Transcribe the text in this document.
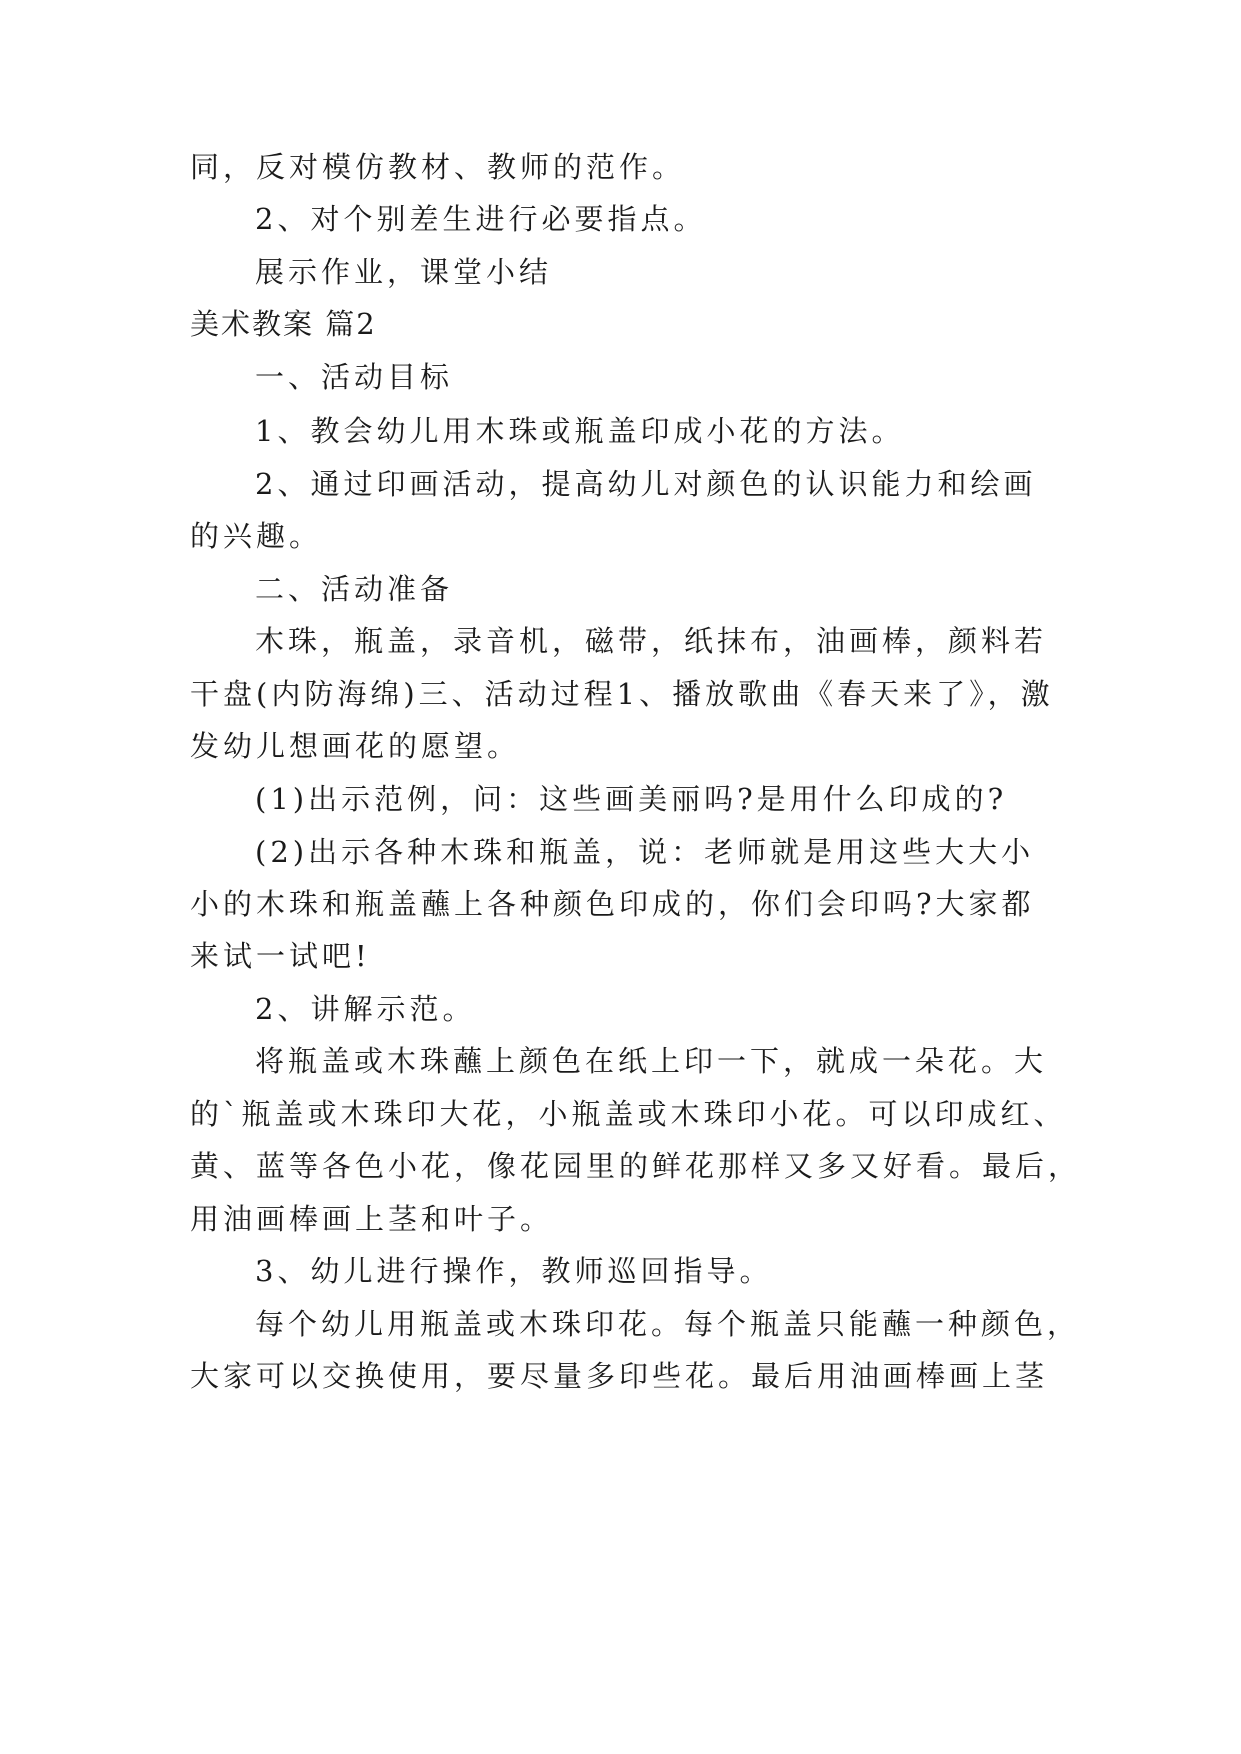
同，反对模仿教材、教师的范作。

2、对个别差生进行必要指点。

展示作业，课堂小结

美术教案 篇2

一、活动目标

1、教会幼儿用木珠或瓶盖印成小花的方法。

2、通过印画活动，提高幼儿对颜色的认识能力和绘画

的兴趣。

二、活动准备

木珠，瓶盖，录音机，磁带，纸抹布，油画棒，颜料若

干盘(内防海绵)三、活动过程1、播放歌曲《春天来了》，激

发幼儿想画花的愿望。

(1)出示范例，问：这些画美丽吗?是用什么印成的?

(2)出示各种木珠和瓶盖，说：老师就是用这些大大小

小的木珠和瓶盖蘸上各种颜色印成的，你们会印吗?大家都

来试一试吧!

2、讲解示范。

将瓶盖或木珠蘸上颜色在纸上印一下，就成一朵花。大

的`瓶盖或木珠印大花，小瓶盖或木珠印小花。可以印成红、

黄、蓝等各色小花，像花园里的鲜花那样又多又好看。最后，

用油画棒画上茎和叶子。

3、幼儿进行操作，教师巡回指导。

每个幼儿用瓶盖或木珠印花。每个瓶盖只能蘸一种颜色，

大家可以交换使用，要尽量多印些花。最后用油画棒画上茎
